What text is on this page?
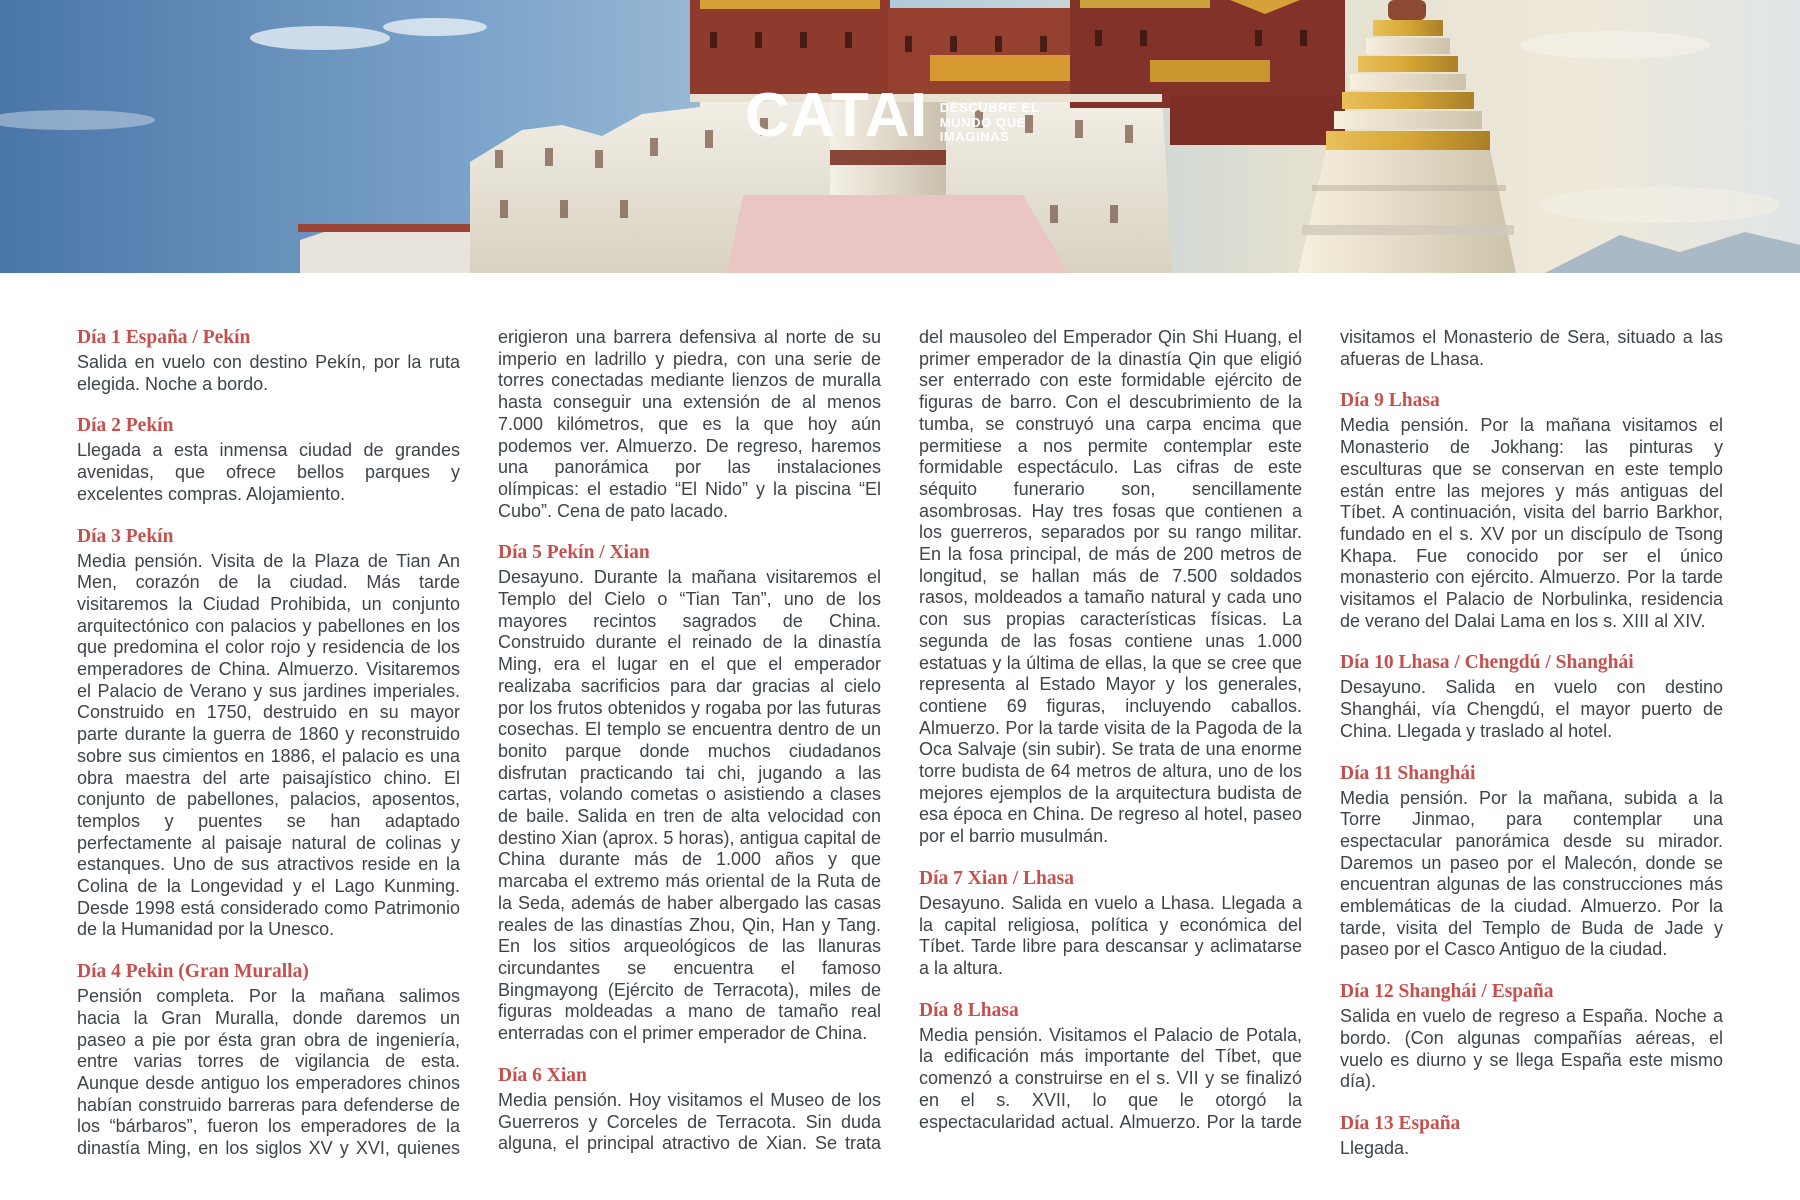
CATAI DESCUBRE EL
MUNDO QUE
IMAGINAS
Día 1 España / Pekín

Salida en vuelo con destino Pekín, por la ruta elegida. Noche a bordo.

Día 2 Pekín

Llegada a esta inmensa ciudad de grandes avenidas, que ofrece bellos parques y excelentes compras. Alojamiento.

Día 3 Pekín

Media pensión. Visita de la Plaza de Tian An Men, corazón de la ciudad. Más tarde visitaremos la Ciudad Prohibida, un conjunto arquitectónico con palacios y pabellones en los que predomina el color rojo y residencia de los emperadores de China. Almuerzo. Visitaremos el Palacio de Verano y sus jardines imperiales. Construido en 1750, destruido en su mayor parte durante la guerra de 1860 y reconstruido sobre sus cimientos en 1886, el palacio es una obra maestra del arte paisajístico chino. El conjunto de pabellones, palacios, aposentos, templos y puentes se han adaptado perfectamente al paisaje natural de colinas y estanques. Uno de sus atractivos reside en la Colina de la Longevidad y el Lago Kunming. Desde 1998 está considerado como Patrimonio de la Humanidad por la Unesco.

Día 4 Pekin (Gran Muralla)

Pensión completa. Por la mañana salimos hacia la Gran Muralla, donde daremos un paseo a pie por ésta gran obra de ingeniería, entre varias torres de vigilancia de esta. Aunque desde antiguo los emperadores chinos habían construido barreras para defenderse de los “bárbaros”, fueron los emperadores de la dinastía Ming, en los siglos XV y XVI, quienes erigieron una barrera defensiva al norte de su imperio en ladrillo y piedra, con una serie de torres conectadas mediante lienzos de muralla hasta conseguir una extensión de al menos 7.000 kilómetros, que es la que hoy aún podemos ver. Almuerzo. De regreso, haremos una panorámica por las instalaciones olímpicas: el estadio “El Nido” y la piscina “El Cubo”. Cena de pato lacado.

Día 5 Pekín / Xian

Desayuno. Durante la mañana visitaremos el Templo del Cielo o “Tian Tan”, uno de los mayores recintos sagrados de China. Construido durante el reinado de la dinastía Ming, era el lugar en el que el emperador realizaba sacrificios para dar gracias al cielo por los frutos obtenidos y rogaba por las futuras cosechas. El templo se encuentra dentro de un bonito parque donde muchos ciudadanos disfrutan practicando tai chi, jugando a las cartas, volando cometas o asistiendo a clases de baile. Salida en tren de alta velocidad con destino Xian (aprox. 5 horas), antigua capital de China durante más de 1.000 años y que marcaba el extremo más oriental de la Ruta de la Seda, además de haber albergado las casas reales de las dinastías Zhou, Qin, Han y Tang. En los sitios arqueológicos de las llanuras circundantes se encuentra el famoso Bingmayong (Ejército de Terracota), miles de figuras moldeadas a mano de tamaño real enterradas con el primer emperador de China.

Día 6 Xian

Media pensión. Hoy visitamos el Museo de los Guerreros y Corceles de Terracota. Sin duda alguna, el principal atractivo de Xian. Se trata del mausoleo del Emperador Qin Shi Huang, el primer emperador de la dinastía Qin que eligió ser enterrado con este formidable ejército de figuras de barro. Con el descubrimiento de la tumba, se construyó una carpa encima que permitiese a nos permite contemplar este formidable espectáculo. Las cifras de este séquito funerario son, sencillamente asombrosas. Hay tres fosas que contienen a los guerreros, separados por su rango militar. En la fosa principal, de más de 200 metros de longitud, se hallan más de 7.500 soldados rasos, moldeados a tamaño natural y cada uno con sus propias características físicas. La segunda de las fosas contiene unas 1.000 estatuas y la última de ellas, la que se cree que representa al Estado Mayor y los generales, contiene 69 figuras, incluyendo caballos. Almuerzo. Por la tarde visita de la Pagoda de la Oca Salvaje (sin subir). Se trata de una enorme torre budista de 64 metros de altura, uno de los mejores ejemplos de la arquitectura budista de esa época en China. De regreso al hotel, paseo por el barrio musulmán.

Día 7 Xian / Lhasa

Desayuno. Salida en vuelo a Lhasa. Llegada a la capital religiosa, política y económica del Tíbet. Tarde libre para descansar y aclimatarse a la altura.

Día 8 Lhasa

Media pensión. Visitamos el Palacio de Potala, la edificación más importante del Tíbet, que comenzó a construirse en el s. VII y se finalizó en el s. XVII, lo que le otorgó la espectacularidad actual. Almuerzo. Por la tarde visitamos el Monasterio de Sera, situado a las afueras de Lhasa.

Día 9 Lhasa

Media pensión. Por la mañana visitamos el Monasterio de Jokhang: las pinturas y esculturas que se conservan en este templo están entre las mejores y más antiguas del Tíbet. A continuación, visita del barrio Barkhor, fundado en el s. XV por un discípulo de Tsong Khapa. Fue conocido por ser el único monasterio con ejército. Almuerzo. Por la tarde visitamos el Palacio de Norbulinka, residencia de verano del Dalai Lama en los s. XIII al XIV.

Día 10 Lhasa / Chengdú / Shanghái

Desayuno. Salida en vuelo con destino Shanghái, vía Chengdú, el mayor puerto de China. Llegada y traslado al hotel.

Día 11 Shanghái

Media pensión. Por la mañana, subida a la Torre Jinmao, para contemplar una espectacular panorámica desde su mirador. Daremos un paseo por el Malecón, donde se encuentran algunas de las construcciones más emblemáticas de la ciudad. Almuerzo. Por la tarde, visita del Templo de Buda de Jade y paseo por el Casco Antiguo de la ciudad.

Día 12 Shanghái / España

Salida en vuelo de regreso a España. Noche a bordo. (Con algunas compañías aéreas, el vuelo es diurno y se llega España este mismo día).

Día 13 España

Llegada.
